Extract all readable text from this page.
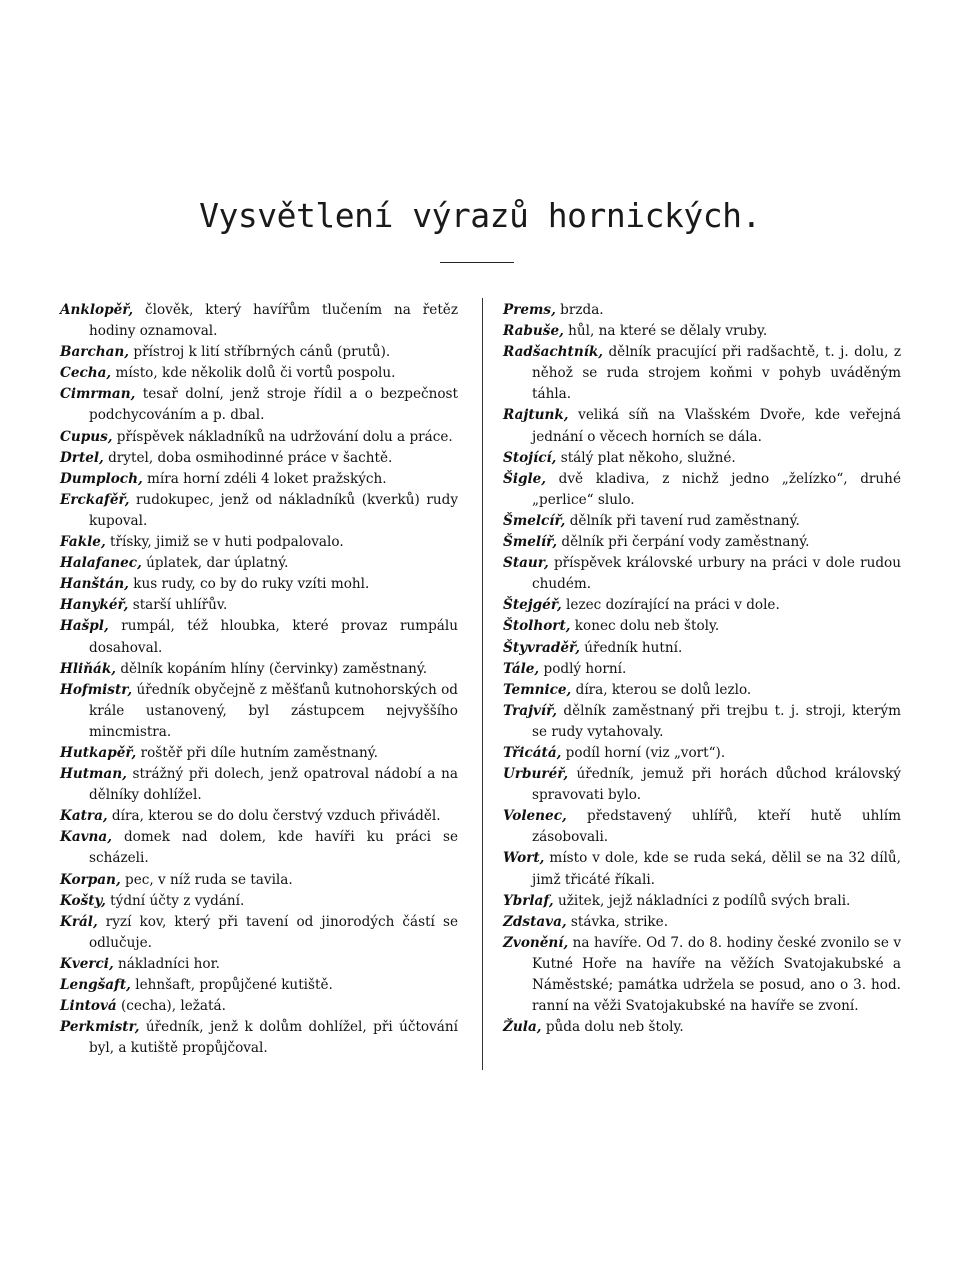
Vysvětlení výrazů hornických.

Anklopěř, člověk, který havířům tlučením na řetěz hodiny oznamoval.

Barchan, přístroj k lití stříbrných cánů (prutů).

Cecha, místo, kde několik dolů či vortů pospolu.

Cimrman, tesař dolní, jenž stroje řídil a o bezpečnost podchycováním a p. dbal.

Cupus, příspěvek nákladníků na udržování dolu a práce.

Drtel, drytel, doba osmihodinné práce v šachtě.

Dumploch, míra horní zdéli 4 loket pražských.

Erckafěř, rudokupec, jenž od nákladníků (kverků) rudy kupoval.

Fakle, třísky, jimiž se v huti podpalovalo.

Halafanec, úplatek, dar úplatný.

Hanštán, kus rudy, co by do ruky vzíti mohl.

Hanykéř, starší uhlířův.

Hašpl, rumpál, též hloubka, které provaz rumpálu dosahoval.

Hliňák, dělník kopáním hlíny (červinky) zaměstnaný.

Hofmistr, úředník obyčejně z měšťanů kutnohorských od krále ustanovený, byl zástupcem nejvyššího mincmistra.

Hutkapěř, roštěř při díle hutním zaměstnaný.

Hutman, strážný při dolech, jenž opatroval nádobí a na dělníky dohlížel.

Katra, díra, kterou se do dolu čerstvý vzduch přiváděl.

Kavna, domek nad dolem, kde havíři ku práci se scházeli.

Korpan, pec, v níž ruda se tavila.

Košty, týdní účty z vydání.

Král, ryzí kov, který při tavení od jinorodých částí se odlučuje.

Kverci, nákladníci hor.

Lengšaft, lehnšaft, propůjčené kutiště.

Lintová (cecha), ležatá.

Perkmistr, úředník, jenž k dolům dohlížel, při účtování byl, a kutiště propůjčoval.

Prems, brzda.

Rabuše, hůl, na které se dělaly vruby.

Radšachtník, dělník pracující při radšachtě, t. j. dolu, z něhož se ruda strojem koňmi v pohyb uváděným táhla.

Rajtunk, veliká síň na Vlašském Dvoře, kde veřejná jednání o věcech horních se dála.

Stojící, stálý plat někoho, služné.

Šigle, dvě kladiva, z nichž jedno „želízko“, druhé „perlice“ slulo.

Šmelcíř, dělník při tavení rud zaměstnaný.

Šmelíř, dělník při čerpání vody zaměstnaný.

Staur, příspěvek královské urbury na práci v dole rudou chudém.

Štejgéř, lezec dozírající na práci v dole.

Štolhort, konec dolu neb štoly.

Štyvraděř, úředník hutní.

Tále, podlý horní.

Temnice, díra, kterou se dolů lezlo.

Trajvíř, dělník zaměstnaný při trejbu t. j. stroji, kterým se rudy vytahovaly.

Třicátá, podíl horní (viz „vort“).

Urburéř, úředník, jemuž při horách důchod královský spravovati bylo.

Volenec, představený uhlířů, kteří hutě uhlím zásobovali.

Wort, místo v dole, kde se ruda seká, dělil se na 32 dílů, jimž třicáté říkali.

Ybrlaf, užitek, jejž nákladníci z podílů svých brali.

Zdstava, stávka, strike.

Zvonění, na havíře. Od 7. do 8. hodiny české zvonilo se v Kutné Hoře na havíře na věžích Svatojakubské a Náměstské; památka udržela se posud, ano o 3. hod. ranní na věži Svatojakubské na havíře se zvoní.

Žula, půda dolu neb štoly.
